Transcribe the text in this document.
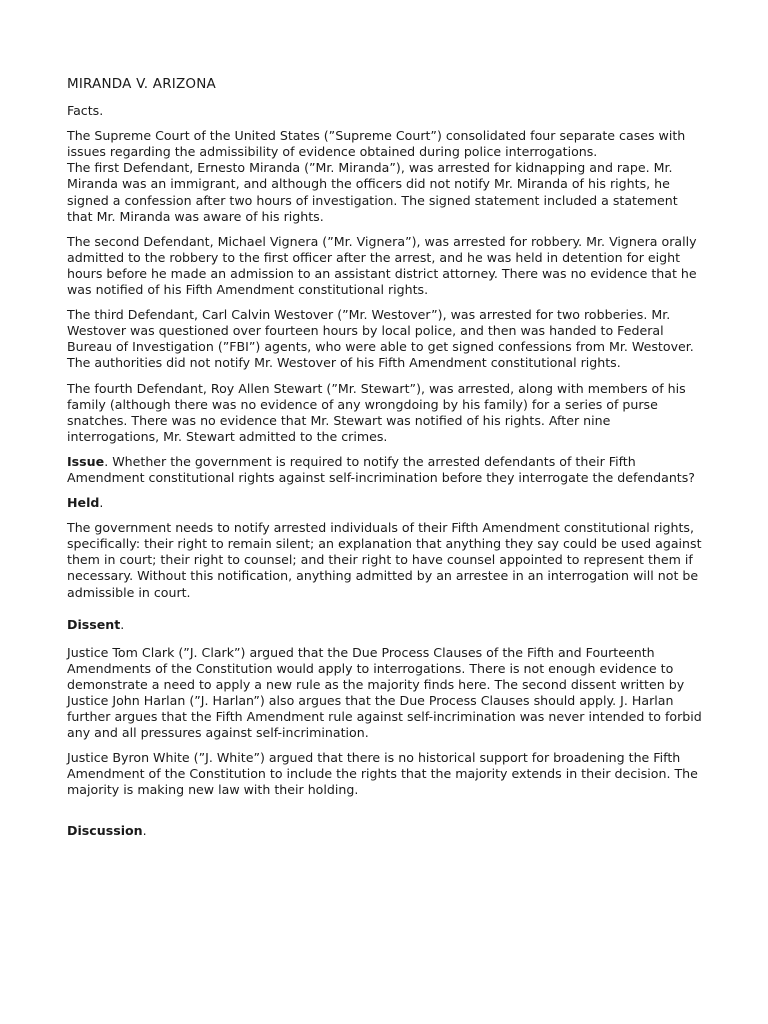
MIRANDA V. ARIZONA
Facts.

The Supreme Court of the United States (”Supreme Court”) consolidated four separate cases with issues regarding the admissibility of evidence obtained during police interrogations.

The first Defendant, Ernesto Miranda (”Mr. Miranda”), was arrested for kidnapping and rape. Mr. Miranda was an immigrant, and although the officers did not notify Mr. Miranda of his rights, he signed a confession after two hours of investigation. The signed statement included a statement that Mr. Miranda was aware of his rights.

The second Defendant, Michael Vignera (”Mr. Vignera”), was arrested for robbery. Mr. Vignera orally admitted to the robbery to the first officer after the arrest, and he was held in detention for eight hours before he made an admission to an assistant district attorney. There was no evidence that he was notified of his Fifth Amendment constitutional rights.

The third Defendant, Carl Calvin Westover (”Mr. Westover”), was arrested for two robberies. Mr. Westover was questioned over fourteen hours by local police, and then was handed to Federal Bureau of Investigation (”FBI”) agents, who were able to get signed confessions from Mr. Westover. The authorities did not notify Mr. Westover of his Fifth Amendment constitutional rights.

The fourth Defendant, Roy Allen Stewart (”Mr. Stewart”), was arrested, along with members of his family (although there was no evidence of any wrongdoing by his family) for a series of purse snatches. There was no evidence that Mr. Stewart was notified of his rights. After nine interrogations, Mr. Stewart admitted to the crimes.

Issue. Whether the government is required to notify the arrested defendants of their Fifth Amendment constitutional rights against self-incrimination before they interrogate the defendants?

Held.

The government needs to notify arrested individuals of their Fifth Amendment constitutional rights, specifically: their right to remain silent; an explanation that anything they say could be used against them in court; their right to counsel; and their right to have counsel appointed to represent them if necessary. Without this notification, anything admitted by an arrestee in an interrogation will not be admissible in court.

Dissent.

Justice Tom Clark (”J. Clark”) argued that the Due Process Clauses of the Fifth and Fourteenth Amendments of the Constitution would apply to interrogations. There is not enough evidence to demonstrate a need to apply a new rule as the majority finds here. The second dissent written by Justice John Harlan (”J. Harlan”) also argues that the Due Process Clauses should apply. J. Harlan further argues that the Fifth Amendment rule against self-incrimination was never intended to forbid any and all pressures against self-incrimination.

Justice Byron White (”J. White”) argued that there is no historical support for broadening the Fifth Amendment of the Constitution to include the rights that the majority extends in their decision. The majority is making new law with their holding.

Discussion.
